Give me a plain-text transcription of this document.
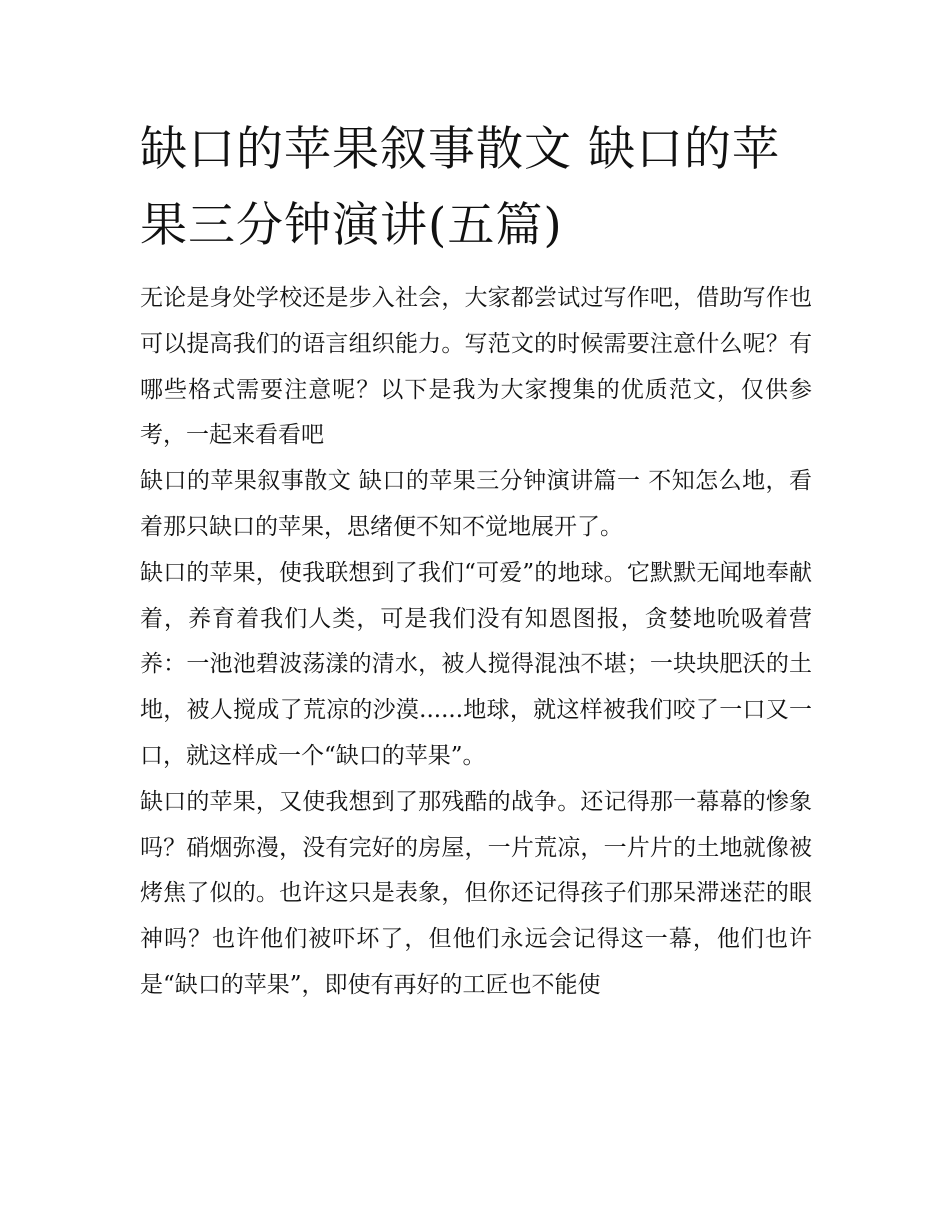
缺口的苹果叙事散文 缺口的苹果三分钟演讲(五篇)

无论是身处学校还是步入社会，大家都尝试过写作吧，借助写作也可以提高我们的语言组织能力。写范文的时候需要注意什么呢？有哪些格式需要注意呢？以下是我为大家搜集的优质范文，仅供参考，一起来看看吧

缺口的苹果叙事散文 缺口的苹果三分钟演讲篇一 不知怎么地，看着那只缺口的苹果，思绪便不知不觉地展开了。

缺口的苹果，使我联想到了我们“可爱”的地球。它默默无闻地奉献着，养育着我们人类，可是我们没有知恩图报，贪婪地吮吸着营养：一池池碧波荡漾的清水，被人搅得混浊不堪；一块块肥沃的土地，被人搅成了荒凉的沙漠......地球，就这样被我们咬了一口又一口，就这样成一个“缺口的苹果”。

缺口的苹果，又使我想到了那残酷的战争。还记得那一幕幕的惨象吗？硝烟弥漫，没有完好的房屋，一片荒凉，一片片的土地就像被烤焦了似的。也许这只是表象，但你还记得孩子们那呆滞迷茫的眼神吗？也许他们被吓坏了，但他们永远会记得这一幕，他们也许是“缺口的苹果”，即使有再好的工匠也不能使
